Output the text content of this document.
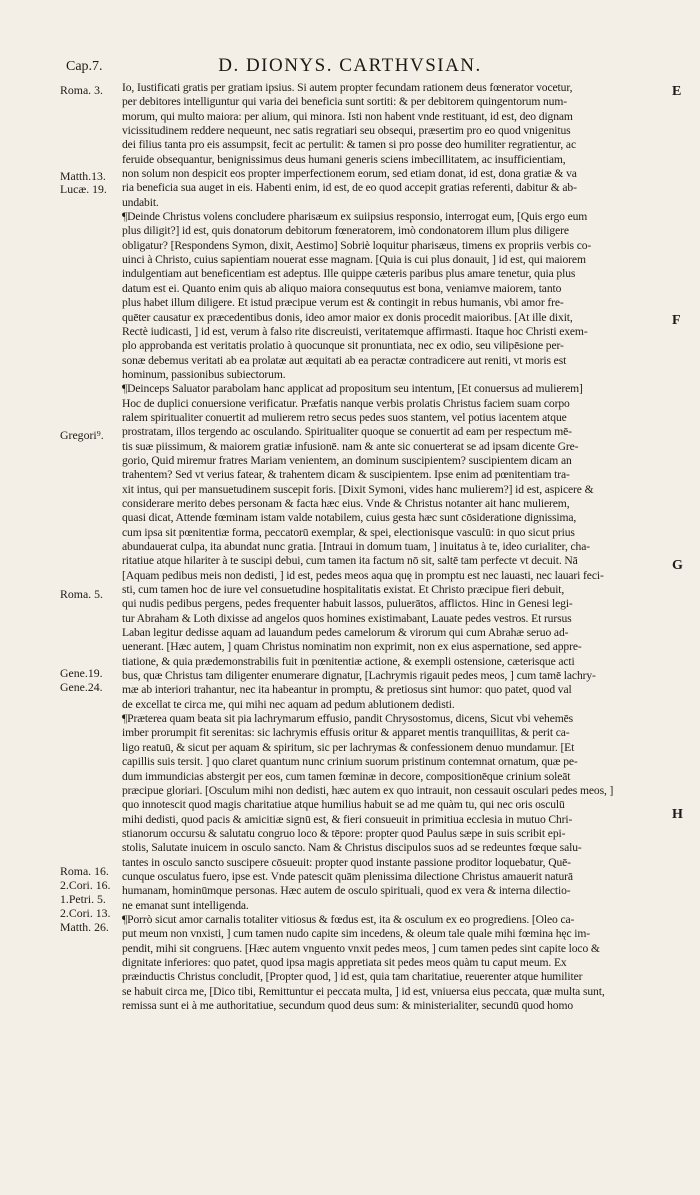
Cap.7.	D. DIONYS. CARTHVSIAN.
Roma. 3.
Matth.13.
Lucæ. 19.
Gregori⁹.
Roma. 5.
Gene.19.
Gene.24.
Roma. 16.
2.Cori. 16.
1.Petri. 5.
2.Cori. 13.
Matth. 26.
E
F
G
H
Io, Iustificati gratis per gratiam ipsius. Si autem propter fecundam rationem deus fœnerator vocetur,
per debitores intelliguntur qui varia dei beneficia sunt sortiti: & per debitorem quingentorum num-
morum, qui multo maiora: per alium, qui minora. Isti non habent vnde restituant, id est, deo dignam
vicissitudinem reddere nequeunt, nec satis regratiari seu obsequi, præsertim pro eo quod vnigenitus
dei filius tanta pro eis assumpsit, fecit ac pertulit: & tamen si pro posse deo humiliter regratientur, ac
feruide obsequantur, benignissimus deus humani generis sciens imbecillitatem, ac insufficientiam,
non solum non despicit eos propter imperfectionem eorum, sed etiam donat, id est, dona gratiæ & va
ria beneficia sua auget in eis. Habenti enim, id est, de eo quod accepit gratias referenti, dabitur & ab-
undabit.
¶Deinde Christus volens concludere pharisæum ex suiipsius responsio, interrogat eum, [Quis ergo eum
plus diligit?] id est, quis donatorum debitorum fœneratorem, imò condonatorem illum plus diligere
obligatur? [Respondens Symon, dixit, Aestimo] Sobriè loquitur pharisæus, timens ex propriis verbis co-
uinci à Christo, cuius sapientiam nouerat esse magnam. [Quia is cui plus donauit, ] id est, qui maiorem
indulgentiam aut beneficentiam est adeptus. Ille quippe cæteris paribus plus amare tenetur, quia plus
datum est ei. Quanto enim quis ab aliquo maiora consequutus est bona, veniamve maiorem, tanto
plus habet illum diligere. Et istud præcipue verum est & contingit in rebus humanis, vbi amor fre-
quēter causatur ex præcedentibus donis, ideo amor maior ex donis procedit maioribus. [At ille dixit,
Rectè iudicasti, ] id est, verum à falso rite discreuisti, veritatemque affirmasti. Itaque hoc Christi exem-
plo approbanda est veritatis prolatio à quocunque sit pronuntiata, nec ex odio, seu vilipēsione per-
sonæ debemus veritati ab ea prolatæ aut æquitati ab ea peractæ contradicere aut reniti, vt moris est
hominum, passionibus subiectorum.
¶Deinceps Saluator parabolam hanc applicat ad propositum seu intentum, [Et conuersus ad mulierem]
Hoc de duplici conuersione verificatur. Præfatis nanque verbis prolatis Christus faciem suam corpo
ralem spiritualiter conuertit ad mulierem retro secus pedes suos stantem, vel potius iacentem atque
prostratam, illos tergendo ac osculando. Spiritualiter quoque se conuertit ad eam per respectum mē-
tis suæ piissimum, & maiorem gratiæ infusionē. nam & ante sic conuerterat se ad ipsam dicente Gre-
gorio, Quid miremur fratres Mariam venientem, an dominum suscipientem? suscipientem dicam an
trahentem? Sed vt verius fatear, & trahentem dicam & suscipientem. Ipse enim ad pœnitentiam tra-
xit intus, qui per mansuetudinem suscepit foris. [Dixit Symoni, vides hanc mulierem?] id est, aspicere &
considerare merito debes personam & facta hæc eius. Vnde & Christus notanter ait hanc mulierem,
quasi dicat, Attende fœminam istam valde notabilem, cuius gesta hæc sunt cōsideratione dignissima,
cum ipsa sit pœnitentiæ forma, peccatorū exemplar, & spei, electionisque vasculū: in quo sicut prius
abundauerat culpa, ita abundat nunc gratia. [Intraui in domum tuam, ] inuitatus à te, ideo curialiter, cha-
ritatiue atque hilariter à te suscipi debui, cum tamen ita factum nō sit, saltē tam perfecte vt decuit. Nā
[Aquam pedibus meis non dedisti, ] id est, pedes meos aqua quę in promptu est nec lauasti, nec lauari feci-
sti, cum tamen hoc de iure vel consuetudine hospitalitatis existat. Et Christo præcipue fieri debuit,
qui nudis pedibus pergens, pedes frequenter habuit lassos, puluerātos, afflictos. Hinc in Genesi legi-
tur Abraham & Loth dixisse ad angelos quos homines existimabant, Lauate pedes vestros. Et rursus
Laban legitur dedisse aquam ad lauandum pedes camelorum & virorum qui cum Abrahæ seruo ad-
uenerant. [Hæc autem, ] quam Christus nominatim non exprimit, non ex eius aspernatione, sed appre-
tiatione, & quia prædemonstrabilis fuit in pœnitentiæ actione, & exempli ostensione, cæterisque acti
bus, quæ Christus tam diligenter enumerare dignatur, [Lachrymis rigauit pedes meos, ] cum tamē lachry-
mæ ab interiori trahantur, nec ita habeantur in promptu, & pretiosus sint humor: quo patet, quod val
de excellat te circa me, qui mihi nec aquam ad pedum ablutionem dedisti.
¶Præterea quam beata sit pia lachrymarum effusio, pandit Chrysostomus, dicens, Sicut vbi vehemēs
imber prorumpit fit serenitas: sic lachrymis effusis oritur & apparet mentis tranquillitas, & perit ca-
ligo reatuū, & sicut per aquam & spiritum, sic per lachrymas & confessionem denuo mundamur. [Et
capillis suis tersit. ] quo claret quantum nunc crinium suorum pristinum contemnat ornatum, quæ pe-
dum immundicias abstergit per eos, cum tamen fœminæ in decore, compositionēque crinium soleāt
præcipue gloriari. [Osculum mihi non dedisti, hæc autem ex quo intrauit, non cessauit osculari pedes meos, ]
quo innotescit quod magis charitatiue atque humilius habuit se ad me quàm tu, qui nec oris osculū
mihi dedisti, quod pacis & amicitiæ signū est, & fieri consueuit in primitiua ecclesia in mutuo Chri-
stianorum occursu & salutatu congruo loco & tēpore: propter quod Paulus sæpe in suis scribit epi-
stolis, Salutate inuicem in osculo sancto. Nam & Christus discipulos suos ad se redeuntes fœque salu-
tantes in osculo sancto suscipere cōsueuit: propter quod instante passione proditor loquebatur, Quē-
cunque osculatus fuero, ipse est. Vnde patescit quām plenissima dilectione Christus amauerit naturā
humanam, hominūmque personas. Hæc autem de osculo spirituali, quod ex vera & interna dilectio-
ne emanat sunt intelligenda.
¶Porrò sicut amor carnalis totaliter vitiosus & fœdus est, ita & osculum ex eo progrediens. [Oleo ca-
put meum non vnxisti, ] cum tamen nudo capite sim incedens, & oleum tale quale mihi fœmina hęc im-
pendit, mihi sit congruens. [Hæc autem vnguento vnxit pedes meos, ] cum tamen pedes sint capite loco &
dignitate inferiores: quo patet, quod ipsa magis appretiata sit pedes meos quàm tu caput meum. Ex
præinductis Christus concludit, [Propter quod, ] id est, quia tam charitatiue, reuerenter atque humiliter
se habuit circa me, [Dico tibi, Remittuntur ei peccata multa, ] id est, vniuersa eius peccata, quæ multa sunt,
remissa sunt ei à me authoritatiue, secundum quod deus sum: & ministerialiter, secundū quod homo
